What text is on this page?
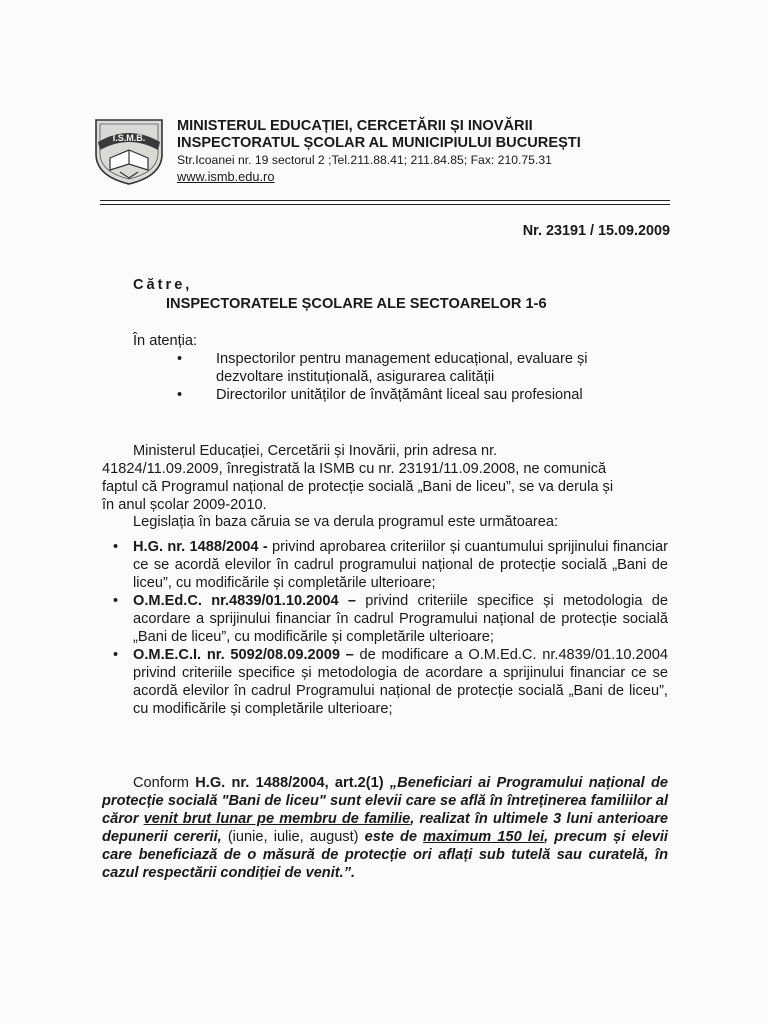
I.S.M.B.

MINISTERUL EDUCAȚIEI, CERCETĂRII ȘI INOVĂRII

INSPECTORATUL ȘCOLAR AL MUNICIPIULUI BUCUREȘTI

Str.Icoanei nr. 19 sectorul 2 ;Tel.211.88.41; 211.84.85; Fax: 210.75.31

www.ismb.edu.ro
Nr. 23191 / 15.09.2009
Către,
INSPECTORATELE ȘCOLARE ALE SECTOARELOR 1-6
În atenția:
•	Inspectorilor pentru management educațional, evaluare și
dezvoltare instituțională, asigurarea calității
•	Directorilor unităților de învățământ liceal sau profesional
Ministerul Educației, Cercetării și Inovării, prin adresa nr.
41824/11.09.2009, înregistrată la ISMB cu nr. 23191/11.09.2008, ne comunică
faptul că Programul național de protecție socială „Bani de liceu”, se va derula și
în anul școlar 2009-2010.
Legislația în baza căruia se va derula programul este următoarea:
• H.G. nr. 1488/2004 - privind aprobarea criteriilor și cuantumului sprijinului financiar ce se acordă elevilor în cadrul programului național de protecție socială „Bani de liceu”, cu modificările și completările ulterioare;
• O.M.Ed.C. nr.4839/01.10.2004 – privind criteriile specifice și metodologia de acordare a sprijinului financiar în cadrul Programului național de protecție socială „Bani de liceu”, cu modificările și completările ulterioare;
• O.M.E.C.I. nr. 5092/08.09.2009 – de modificare a O.M.Ed.C. nr.4839/01.10.2004 privind criteriile specifice și metodologia de acordare a sprijinului financiar ce se acordă elevilor în cadrul Programului național de protecție socială „Bani de liceu”, cu modificările și completările ulterioare;
Conform H.G. nr. 1488/2004, art.2(1) „Beneficiari ai Programului național de protecție socială "Bani de liceu" sunt elevii care se află în întreținerea familiilor al căror venit brut lunar pe membru de familie, realizat în ultimele 3 luni anterioare depunerii cererii, (iunie, iulie, august) este de maximum 150 lei, precum și elevii care beneficiază de o măsură de protecție ori aflați sub tutelă sau curatelă, în cazul respectării condiției de venit.”.
